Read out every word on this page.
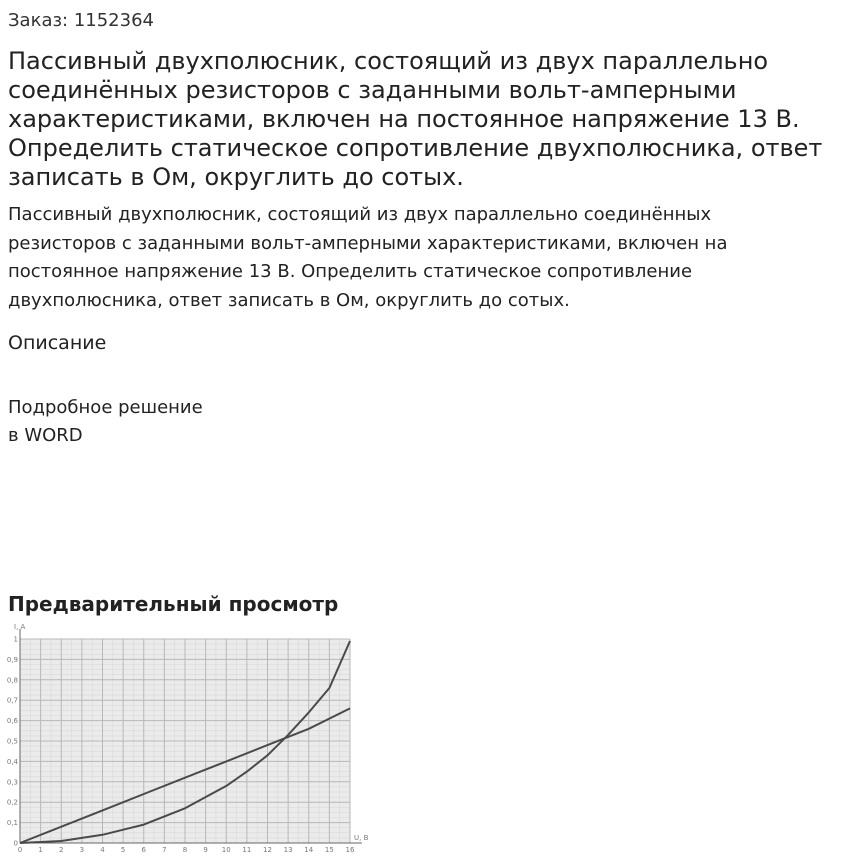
Заказ: 1152364
Пассивный двухполюсник, состоящий из двух параллельно соединённых резисторов с заданными вольт-амперными характеристиками, включен на постоянное напряжение 13 В. Определить статическое сопротивление двухполюсника, ответ записать в Ом, округлить до сотых.
Пассивный двухполюсник, состоящий из двух параллельно соединённых резисторов с заданными вольт-амперными характеристиками, включен на постоянное напряжение 13 В. Определить статическое сопротивление двухполюсника, ответ записать в Ом, округлить до сотых.
Описание
Подробное решение
в WORD
Предварительный просмотр
0 1 2 3 4 5 6 7 8 9 10 11 12 13 14 15 16
0
0,1
0,2
0,3
0,4
0,5
0,6
0,7
0,8
0,9
1
U, В
I, А
